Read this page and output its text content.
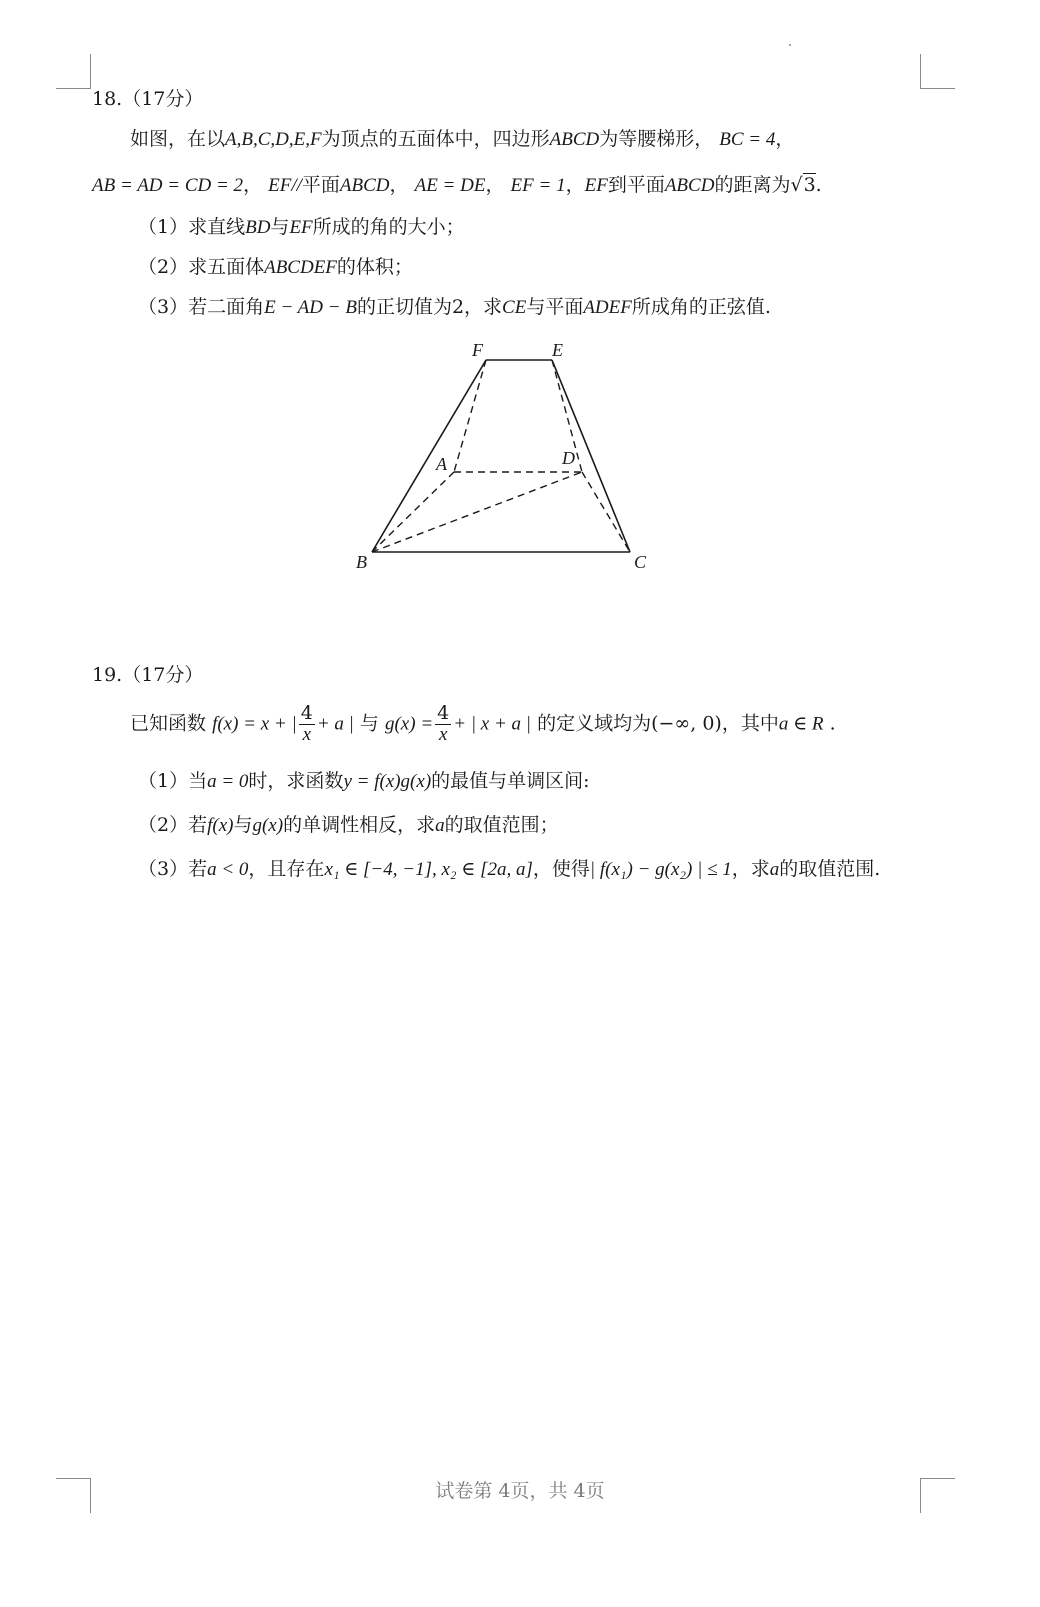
18.（17分）
如图，在以A,B,C,D,E,F为顶点的五面体中，四边形ABCD为等腰梯形， BC = 4，
AB = AD = CD = 2， EF//平面ABCD， AE = DE， EF = 1，EF到平面ABCD的距离为√3.
（1）求直线BD与EF所成的角的大小；
（2）求五面体ABCDEF的体积；
（3）若二面角E − AD − B的正切值为2，求CE与平面ADEF所成角的正弦值.
F	E
A	D
B	C
19.（17分）
已知函数 f(x) = x + | $\frac{4}{x} + a$ | 与 $g(x) = \frac{4}{x}$ + | x + a | 的定义域均为(−∞, 0)，其中a ∈ R .
（1）当a = 0时，求函数y = f(x)g(x)的最值与单调区间:
（2）若f(x)与g(x)的单调性相反，求a的取值范围；
（3）若a < 0，且存在x₁ ∈ [−4, −1], x₂ ∈ [2a, a]，使得| f(x₁) − g(x₂) | ≤ 1，求a的取值范围.
试卷第 4页，共 4页
